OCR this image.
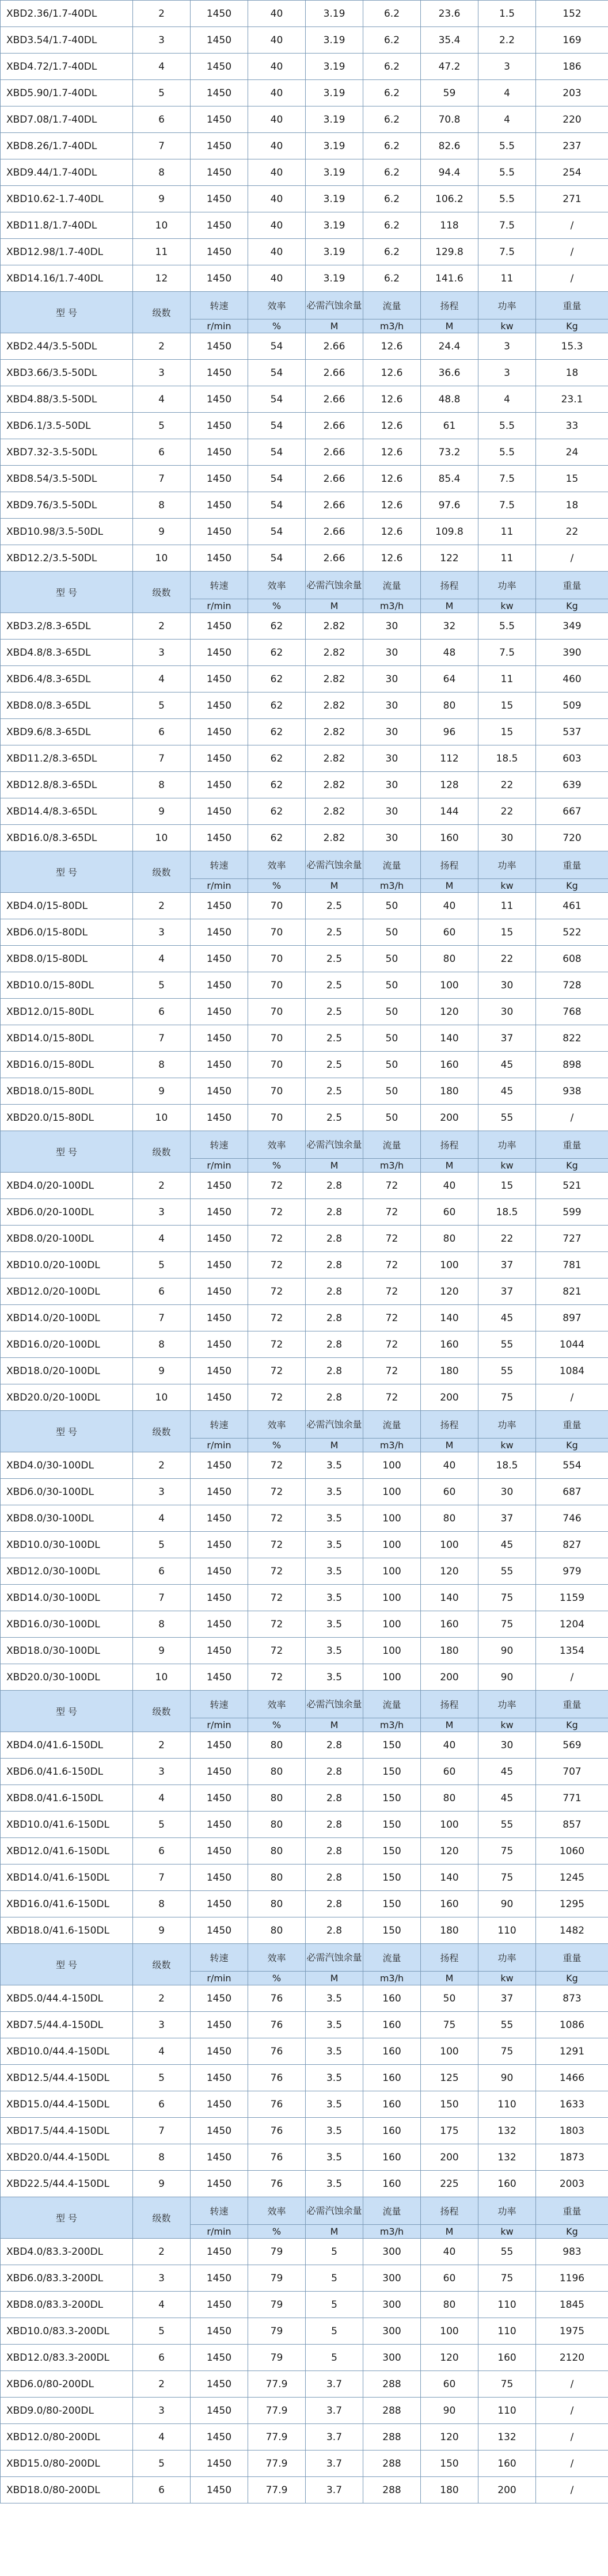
XBD2.36/1.7-40DL	2	1450	40	3.19	6.2	23.6	1.5	152
XBD3.54/1.7-40DL	3	1450	40	3.19	6.2	35.4	2.2	169
XBD4.72/1.7-40DL	4	1450	40	3.19	6.2	47.2	3	186
XBD5.90/1.7-40DL	5	1450	40	3.19	6.2	59	4	203
XBD7.08/1.7-40DL	6	1450	40	3.19	6.2	70.8	4	220
XBD8.26/1.7-40DL	7	1450	40	3.19	6.2	82.6	5.5	237
XBD9.44/1.7-40DL	8	1450	40	3.19	6.2	94.4	5.5	254
XBD10.62-1.7-40DL	9	1450	40	3.19	6.2	106.2	5.5	271
XBD11.8/1.7-40DL	10	1450	40	3.19	6.2	118	7.5	/
XBD12.98/1.7-40DL	11	1450	40	3.19	6.2	129.8	7.5	/
XBD14.16/1.7-40DL	12	1450	40	3.19	6.2	141.6	11	/
型 号	级数	转速	效率	必需汽蚀余量	流量	扬程	功率	重量
		r/min	%	M	m3/h	M	kw	Kg
XBD2.44/3.5-50DL	2	1450	54	2.66	12.6	24.4	3	15.3
XBD3.66/3.5-50DL	3	1450	54	2.66	12.6	36.6	3	18
XBD4.88/3.5-50DL	4	1450	54	2.66	12.6	48.8	4	23.1
XBD6.1/3.5-50DL	5	1450	54	2.66	12.6	61	5.5	33
XBD7.32-3.5-50DL	6	1450	54	2.66	12.6	73.2	5.5	24
XBD8.54/3.5-50DL	7	1450	54	2.66	12.6	85.4	7.5	15
XBD9.76/3.5-50DL	8	1450	54	2.66	12.6	97.6	7.5	18
XBD10.98/3.5-50DL	9	1450	54	2.66	12.6	109.8	11	22
XBD12.2/3.5-50DL	10	1450	54	2.66	12.6	122	11	/
型 号	级数	转速	效率	必需汽蚀余量	流量	扬程	功率	重量
		r/min	%	M	m3/h	M	kw	Kg
XBD3.2/8.3-65DL	2	1450	62	2.82	30	32	5.5	349
XBD4.8/8.3-65DL	3	1450	62	2.82	30	48	7.5	390
XBD6.4/8.3-65DL	4	1450	62	2.82	30	64	11	460
XBD8.0/8.3-65DL	5	1450	62	2.82	30	80	15	509
XBD9.6/8.3-65DL	6	1450	62	2.82	30	96	15	537
XBD11.2/8.3-65DL	7	1450	62	2.82	30	112	18.5	603
XBD12.8/8.3-65DL	8	1450	62	2.82	30	128	22	639
XBD14.4/8.3-65DL	9	1450	62	2.82	30	144	22	667
XBD16.0/8.3-65DL	10	1450	62	2.82	30	160	30	720
型 号	级数	转速	效率	必需汽蚀余量	流量	扬程	功率	重量
		r/min	%	M	m3/h	M	kw	Kg
XBD4.0/15-80DL	2	1450	70	2.5	50	40	11	461
XBD6.0/15-80DL	3	1450	70	2.5	50	60	15	522
XBD8.0/15-80DL	4	1450	70	2.5	50	80	22	608
XBD10.0/15-80DL	5	1450	70	2.5	50	100	30	728
XBD12.0/15-80DL	6	1450	70	2.5	50	120	30	768
XBD14.0/15-80DL	7	1450	70	2.5	50	140	37	822
XBD16.0/15-80DL	8	1450	70	2.5	50	160	45	898
XBD18.0/15-80DL	9	1450	70	2.5	50	180	45	938
XBD20.0/15-80DL	10	1450	70	2.5	50	200	55	/
型 号	级数	转速	效率	必需汽蚀余量	流量	扬程	功率	重量
		r/min	%	M	m3/h	M	kw	Kg
XBD4.0/20-100DL	2	1450	72	2.8	72	40	15	521
XBD6.0/20-100DL	3	1450	72	2.8	72	60	18.5	599
XBD8.0/20-100DL	4	1450	72	2.8	72	80	22	727
XBD10.0/20-100DL	5	1450	72	2.8	72	100	37	781
XBD12.0/20-100DL	6	1450	72	2.8	72	120	37	821
XBD14.0/20-100DL	7	1450	72	2.8	72	140	45	897
XBD16.0/20-100DL	8	1450	72	2.8	72	160	55	1044
XBD18.0/20-100DL	9	1450	72	2.8	72	180	55	1084
XBD20.0/20-100DL	10	1450	72	2.8	72	200	75	/
型 号	级数	转速	效率	必需汽蚀余量	流量	扬程	功率	重量
		r/min	%	M	m3/h	M	kw	Kg
XBD4.0/30-100DL	2	1450	72	3.5	100	40	18.5	554
XBD6.0/30-100DL	3	1450	72	3.5	100	60	30	687
XBD8.0/30-100DL	4	1450	72	3.5	100	80	37	746
XBD10.0/30-100DL	5	1450	72	3.5	100	100	45	827
XBD12.0/30-100DL	6	1450	72	3.5	100	120	55	979
XBD14.0/30-100DL	7	1450	72	3.5	100	140	75	1159
XBD16.0/30-100DL	8	1450	72	3.5	100	160	75	1204
XBD18.0/30-100DL	9	1450	72	3.5	100	180	90	1354
XBD20.0/30-100DL	10	1450	72	3.5	100	200	90	/
型 号	级数	转速	效率	必需汽蚀余量	流量	扬程	功率	重量
		r/min	%	M	m3/h	M	kw	Kg
XBD4.0/41.6-150DL	2	1450	80	2.8	150	40	30	569
XBD6.0/41.6-150DL	3	1450	80	2.8	150	60	45	707
XBD8.0/41.6-150DL	4	1450	80	2.8	150	80	45	771
XBD10.0/41.6-150DL	5	1450	80	2.8	150	100	55	857
XBD12.0/41.6-150DL	6	1450	80	2.8	150	120	75	1060
XBD14.0/41.6-150DL	7	1450	80	2.8	150	140	75	1245
XBD16.0/41.6-150DL	8	1450	80	2.8	150	160	90	1295
XBD18.0/41.6-150DL	9	1450	80	2.8	150	180	110	1482
型 号	级数	转速	效率	必需汽蚀余量	流量	扬程	功率	重量
		r/min	%	M	m3/h	M	kw	Kg
XBD5.0/44.4-150DL	2	1450	76	3.5	160	50	37	873
XBD7.5/44.4-150DL	3	1450	76	3.5	160	75	55	1086
XBD10.0/44.4-150DL	4	1450	76	3.5	160	100	75	1291
XBD12.5/44.4-150DL	5	1450	76	3.5	160	125	90	1466
XBD15.0/44.4-150DL	6	1450	76	3.5	160	150	110	1633
XBD17.5/44.4-150DL	7	1450	76	3.5	160	175	132	1803
XBD20.0/44.4-150DL	8	1450	76	3.5	160	200	132	1873
XBD22.5/44.4-150DL	9	1450	76	3.5	160	225	160	2003
型 号	级数	转速	效率	必需汽蚀余量	流量	扬程	功率	重量
		r/min	%	M	m3/h	M	kw	Kg
XBD4.0/83.3-200DL	2	1450	79	5	300	40	55	983
XBD6.0/83.3-200DL	3	1450	79	5	300	60	75	1196
XBD8.0/83.3-200DL	4	1450	79	5	300	80	110	1845
XBD10.0/83.3-200DL	5	1450	79	5	300	100	110	1975
XBD12.0/83.3-200DL	6	1450	79	5	300	120	160	2120
XBD6.0/80-200DL	2	1450	77.9	3.7	288	60	75	/
XBD9.0/80-200DL	3	1450	77.9	3.7	288	90	110	/
XBD12.0/80-200DL	4	1450	77.9	3.7	288	120	132	/
XBD15.0/80-200DL	5	1450	77.9	3.7	288	150	160	/
XBD18.0/80-200DL	6	1450	77.9	3.7	288	180	200	/
